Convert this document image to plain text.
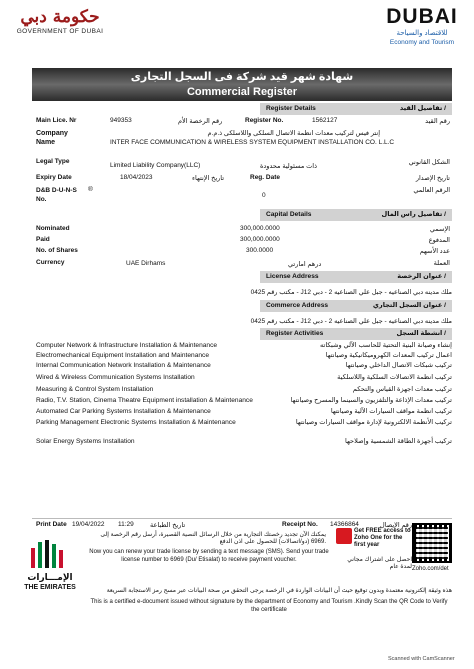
حكومة دبي
GOVERNMENT OF DUBAI
DUBAI
للاقتصاد والسياحة
Economy and Tourism
شهادة شهر قيد شركة فى السجل التجارى
Commercial Register
Register Details	تفاصيل القيد /
Main Lice. Nr	949353	رقم الرخصة الأم	Register No.	1562127	رقم القيد
Company Name
إنتر فيس لتركيب معدات انظمة الاتصال السلكى واللاسلكى ذ.م.م
INTER FACE COMMUNICATION & WIRELESS SYSTEM EQUIPMENT INSTALLATION CO. L.L.C
Legal Type
Limited Liability Company(LLC)	ذات مسئولية محدودة
الشكل القانوني
Expiry Date	18/04/2023	تاريخ الإنتهاء	Reg. Date	تاريخ الإصدار
D&B D-U-N-S No.
®
0
الرقم العالمي
Capital Details	تفاصيل راس المال /
Nominated	300,000.0000	الإسمي
Paid	300,000.0000	المدفوع
No. of Shares	300.0000	عدد الأسهم
Currency	UAE Dirhams	درهم امارتي	العملة
License Address	عنوان الرخصة /
مكتب رقم 0425 - J12 ملك مدينه دبي الصناعيه - جبل علي الصناعيه 2 - دبي
Commerce Address	عنوان السجل التجاري /
مكتب رقم 0425 - J12 ملك مدينه دبي الصناعيه - جبل علي الصناعيه 2 - دبي
Register Activities	انشطة السجل /
Computer Network & Infrastructure Installation & Maintenance	إنشاء وصيانة البنية التحتية للحاسب الآلي وشبكاته
Electromechanical Equipment Installation and Maintenance	اعمال تركيب المعدات الكهروميكانيكية وصيانتها
Internal Communication Network Installation & Maintenance	تركيب شبكات الاتصال الداخلي وصيانتها
Wired & Wireless Communication Systems Installation	تركيب انظمة الاتصالات السلكية واللاسلكية
Measuring & Control System Installation	تركيب معدات اجهزة القياس والتحكم
Radio, T.V. Station, Cinema Theatre Equipment installation & Maintenance	تركيب معدات الإذاعة والتلفزيون والسينما والمسرح وصيانتها
Automated Car Parking Systems Installation & Maintenance	تركيب انظمة مواقف السيارات الآلية وصيانتها
Parking Management Electronic Systems Installation & Maintenance	تركيب الأنظمة الالكترونية لإدارة مواقف السيارات وصيانتها
Solar Energy Systems Installation	تركيب أجهزة الطاقة الشمسية وإصلاحها
Print Date 19/04/2022 11:29 تاريخ الطباعة	Receipt No. 14366864	رقم الإيصال
الإمـــارات
THE EMIRATES
يمكنك الآن تجديد رخصتك التجارية من خلال الرسائل النصية القصيرة، أرسل رقم الرخصة إلى 6969 (دو/اتصالات) للحصول على اذن الدفع.
Now you can renew your trade license by sending a text message (SMS). Send your trade license number to 6969 (Du/ Etisalat) to receive payment voucher.
Get FREE access to Zoho One for the first year
احصل على اشتراك مجاني لمدة عام Zoho.com/det
هذه وثيقة إلكترونية معتمدة وبدون توقيع حيث أن البيانات الواردة في الرخصة يرجى التحقق من صحة البيانات عبر مسح رمز الاستجابة السريعة
This is a certified e-document issued without signature by the department of Economy and Tourism .Kindly Scan the QR Code to Verify the certificate
Scanned with CamScanner
